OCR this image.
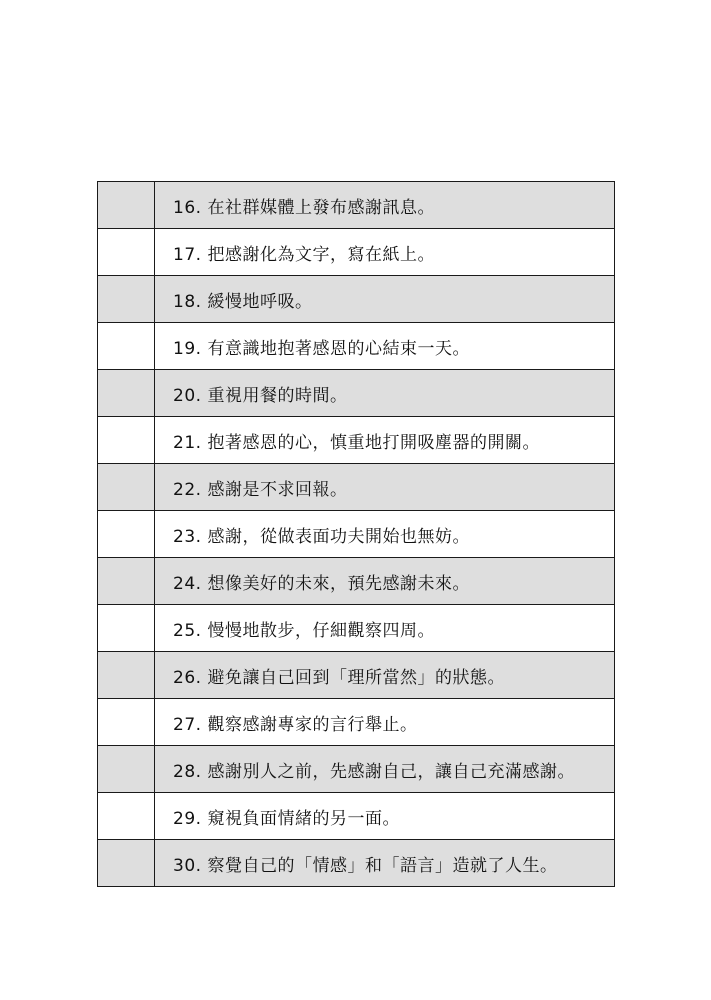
	16. 在社群媒體上發布感謝訊息。
	17. 把感謝化為文字，寫在紙上。
	18. 緩慢地呼吸。
	19. 有意識地抱著感恩的心結束一天。
	20. 重視用餐的時間。
	21. 抱著感恩的心，慎重地打開吸塵器的開關。
	22. 感謝是不求回報。
	23. 感謝，從做表面功夫開始也無妨。
	24. 想像美好的未來，預先感謝未來。
	25. 慢慢地散步，仔細觀察四周。
	26. 避免讓自己回到「理所當然」的狀態。
	27. 觀察感謝專家的言行舉止。
	28. 感謝別人之前，先感謝自己，讓自己充滿感謝。
	29. 窺視負面情緒的另一面。
	30. 察覺自己的「情感」和「語言」造就了人生。
